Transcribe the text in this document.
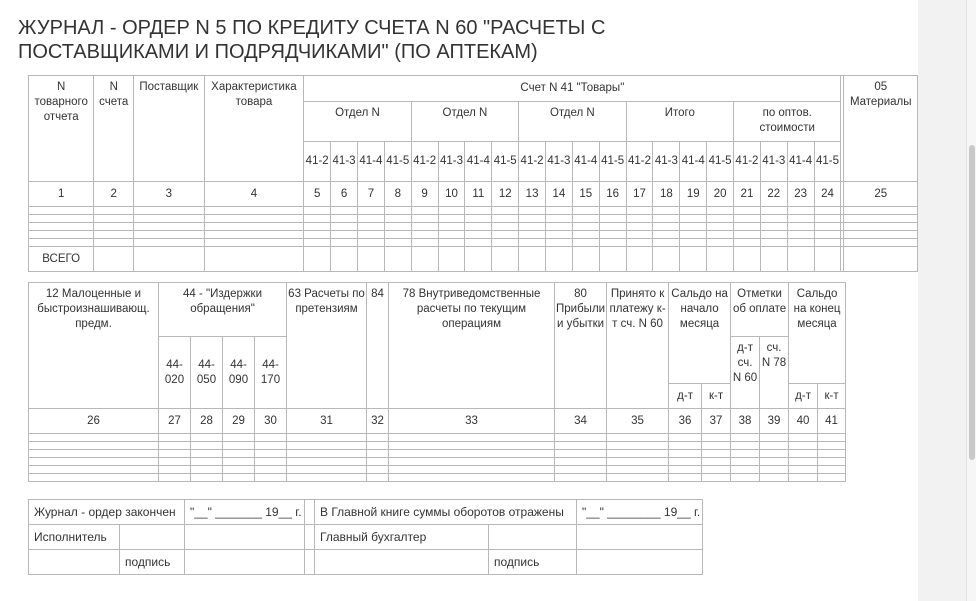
ЖУРНАЛ - ОРДЕР N 5 ПО КРЕДИТУ СЧЕТА N 60 "РАСЧЕТЫ С ПОСТАВЩИКАМИ И ПОДРЯДЧИКАМИ" (ПО АПТЕКАМ)
N товарного отчета	N счета	Поставщик	Характеристика товара	Счет N 41 "Товары"																					05 Материалы
				Отдел N				Отдел N				Отдел N				Итого				по оптов. стоимости					
				41-2	41-3	41-4	41-5	41-2	41-3	41-4	41-5	41-2	41-3	41-4	41-5	41-2	41-3	41-4	41-5	41-2	41-3	41-4	41-5		
1	2	3	4	5	6	7	8	9	10	11	12	13	14	15	16	17	18	19	20	21	22	23	24		25

ВСЕГО																									
12 Малоценные и быстроизнашивающ. предм.	44 - "Издержки обращения"				63 Расчеты по претензиям	84	78 Внутриведомственные расчеты по текущим операциям	80 Прибыли и убытки	Принято к платежу к-т сч. N 60	Сальдо на начало месяца		Отметки об оплате		Сальдо на конец месяца	
	44-020	44-050	44-090	44-170								д-т сч. N 60	сч. N 78		
										д-т	к-т			д-т	к-т
26	27	28	29	30	31	32	33	34	35	36	37	38	39	40	41

Журнал - ордер закончен		"__" _______ 19__ г.		В Главной книге суммы оборотов отражены		"__" ________ 19__ г.
Исполнитель				Главный бухгалтер		
	подпись				подпись	
